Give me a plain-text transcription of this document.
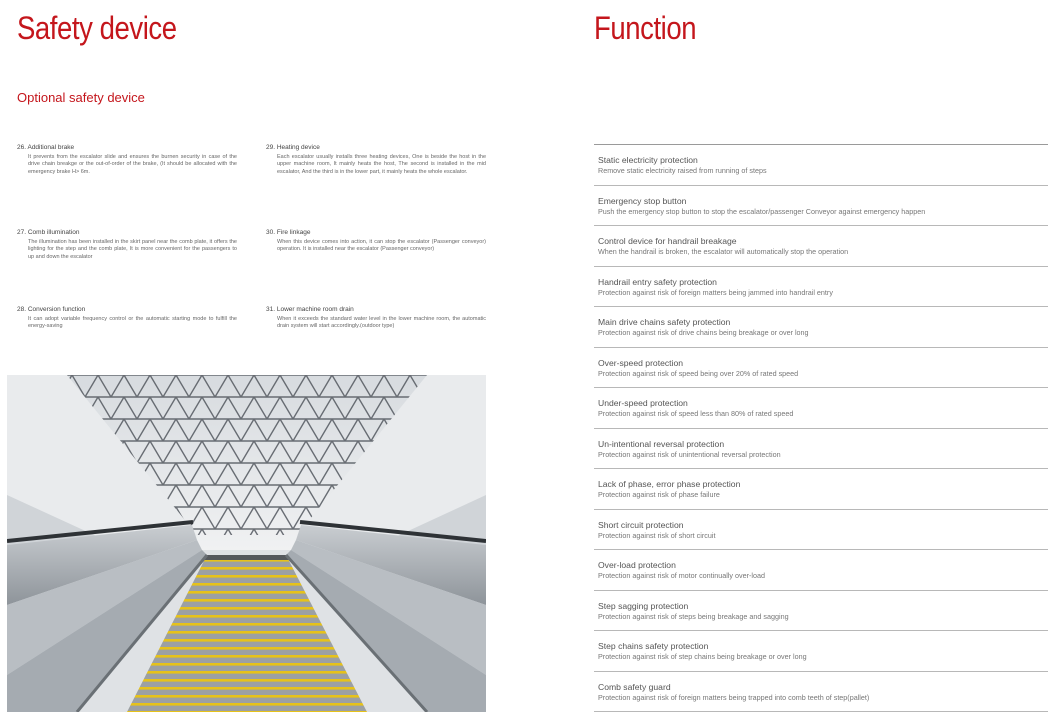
Safety device	Function
Optional safety device
26. Additional brake
It prevents from the escalator slide and ensures the burnen security in case of the drive chain breakge or the out-of-order of the brake, (It should be allocated with the emergency brake H> 6m.
29. Heating device
Each escalator usually installs three heating devices, One is beside the host in the upper machine room, It mainly heats the host, The second is installed in the mid escalator, And the third is in the lower part, it mainly heats the whole escalator.
27. Comb illumination
The illumination has been installed in the skirt panel near the comb plate, it offers the lighting for the step and the comb plate, It is more convenient for the passengers to up and down the escalator
30. Fire linkage
When this device comes into action, it can stop the escalator (Passenger conveyor) operation. It is installed near the escalator (Passenger conveyor)
28. Conversion function
It can adopt variable frequency control or the automatic starting mode to fulfill the energy-saving
31. Lower machine room drain
When it exceeds the standard water level in the lower machine room, the automatic drain system will start accordingly.(outdoor type)
Static electricity protection
Remove static electricity raised from running of steps
Emergency stop button
Push the emergency stop button to stop the escalator/passenger Conveyor against emergency happen
Control device for handrail breakage
When the handrail is broken, the escalator will automatically stop the operation
Handrail entry safety protection
Protection against risk of foreign matters being jammed into handrail entry
Main drive chains safety protection
Protection against risk of drive chains being breakage or over long
Over-speed protection
Protection against risk of speed being over 20% of rated speed
Under-speed protection
Protection against risk of speed less than 80% of rated speed
Un-intentional reversal protection
Protection against risk of unintentional reversal protection
Lack of phase, error phase protection
Protection against risk of phase failure
Short circuit protection
Protection against risk of short circuit
Over-load protection
Protection against risk of motor continually over-load
Step sagging protection
Protection against risk of steps being breakage and sagging
Step chains safety protection
Protection against risk of step chains being breakage or over long
Comb safety guard
Protection against risk of foreign matters being trapped into comb teeth of step(pallet)
